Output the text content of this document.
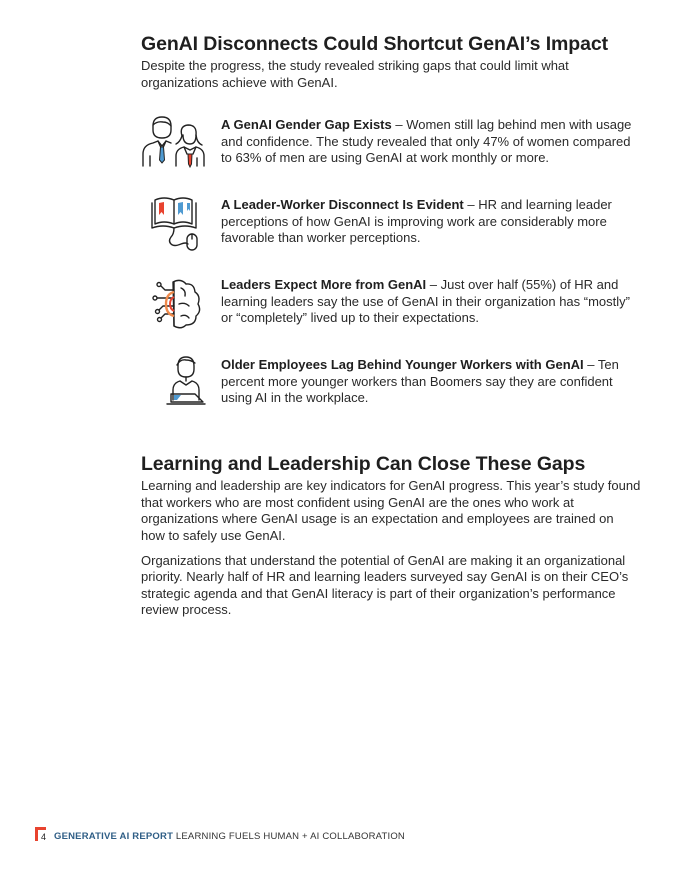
GenAI Disconnects Could Shortcut GenAI’s Impact

Despite the progress, the study revealed striking gaps that could limit what organizations achieve with GenAI.

A GenAI Gender Gap Exists – Women still lag behind men with usage and confidence. The study revealed that only 47% of women compared to 63% of men are using GenAI at work monthly or more.
A Leader-Worker Disconnect Is Evident – HR and learning leader perceptions of how GenAI is improving work are considerably more favorable than worker perceptions.
Leaders Expect More from GenAI – Just over half (55%) of HR and learning leaders say the use of GenAI in their organization has “mostly” or “completely” lived up to their expectations.
Older Employees Lag Behind Younger Workers with GenAI – Ten percent more younger workers than Boomers say they are confident using AI in the workplace.
Learning and Leadership Can Close These Gaps

Learning and leadership are key indicators for GenAI progress. This year’s study found that workers who are most confident using GenAI are the ones who work at organizations where GenAI usage is an expectation and employees are trained on how to safely use GenAI.

Organizations that understand the potential of GenAI are making it an organizational priority. Nearly half of HR and learning leaders surveyed say GenAI is on their CEO’s strategic agenda and that GenAI literacy is part of their organization’s performance review process.

4 GENERATIVE AI REPORT LEARNING FUELS HUMAN + AI COLLABORATION
